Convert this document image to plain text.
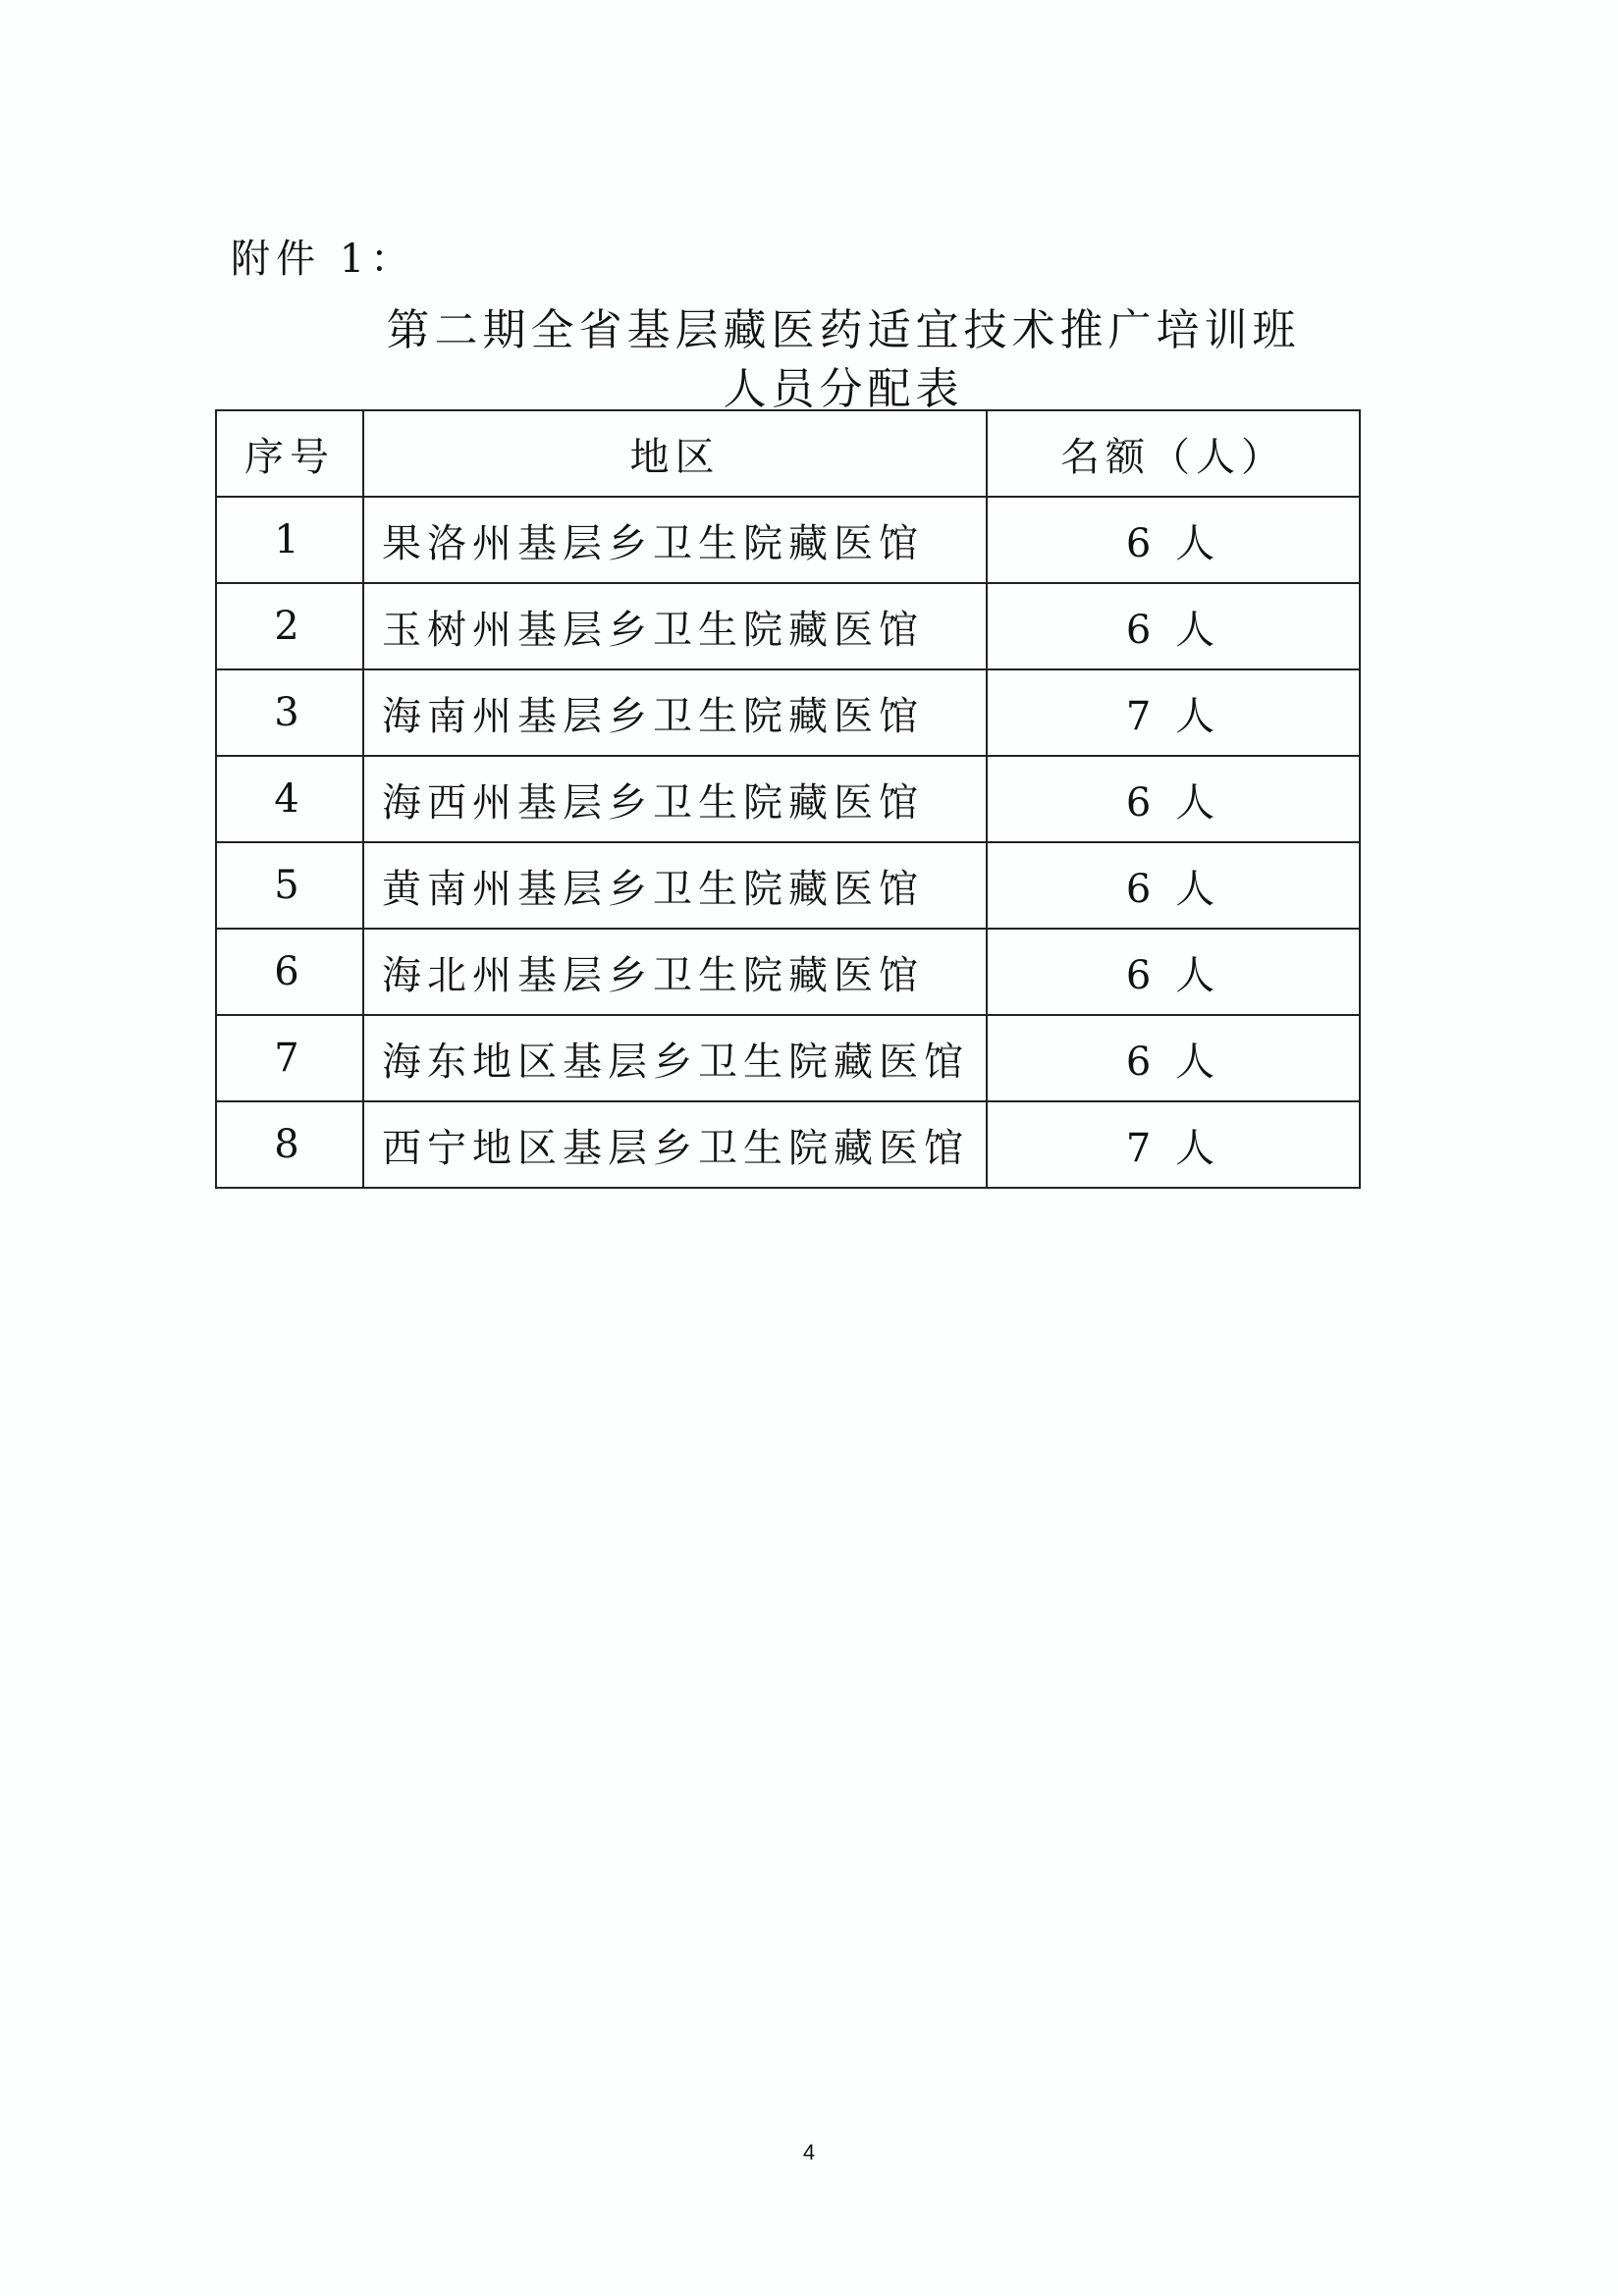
附件 1：
第二期全省基层藏医药适宜技术推广培训班
人员分配表
序号	地区	名额（人）
1	果洛州基层乡卫生院藏医馆	6 人
2	玉树州基层乡卫生院藏医馆	6 人
3	海南州基层乡卫生院藏医馆	7 人
4	海西州基层乡卫生院藏医馆	6 人
5	黄南州基层乡卫生院藏医馆	6 人
6	海北州基层乡卫生院藏医馆	6 人
7	海东地区基层乡卫生院藏医馆	6 人
8	西宁地区基层乡卫生院藏医馆	7 人
4
